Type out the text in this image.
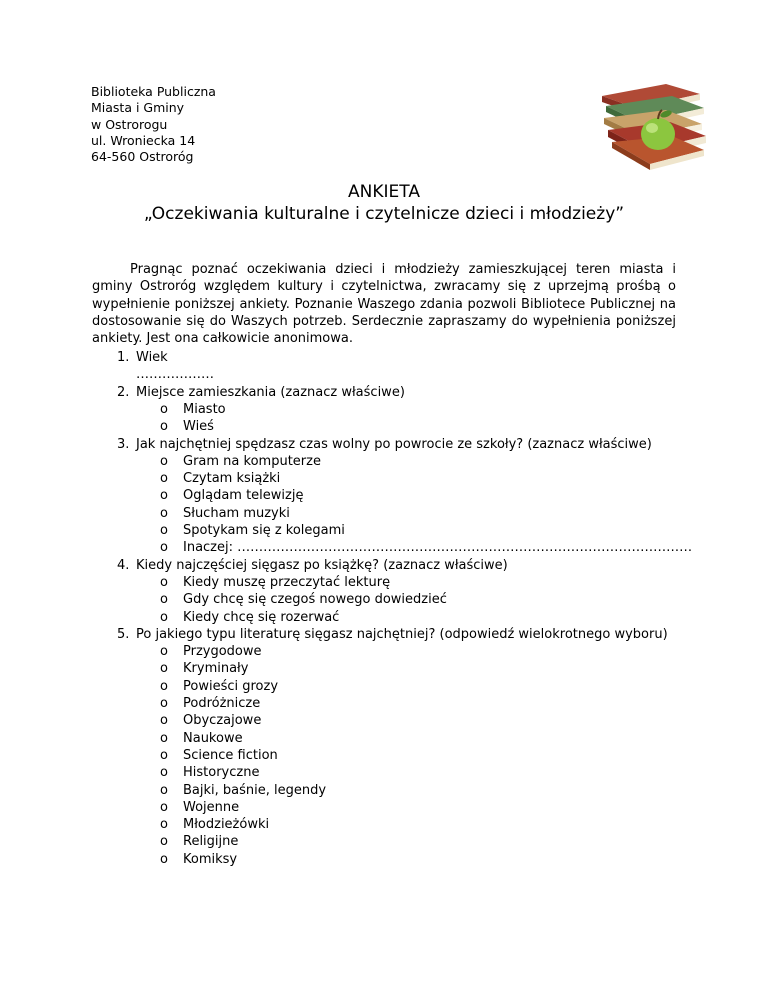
Biblioteka Publiczna
Miasta i Gminy
w Ostrorogu
ul. Wroniecka 14
64-560 Ostroróg
ANKIETA
„Oczekiwania kulturalne i czytelnicze dzieci i młodzieży”
Pragnąc poznać oczekiwania dzieci i młodzieży zamieszkującej teren miasta i gminy Ostroróg względem kultury i czytelnictwa, zwracamy się z uprzejmą prośbą o wypełnienie poniższej ankiety. Poznanie Waszego zdania pozwoli Bibliotece Publicznej na dostosowanie się do Waszych potrzeb. Serdecznie zapraszamy do wypełnienia poniższej ankiety. Jest ona całkowicie anonimowa.
1. Wiek
………………
2. Miejsce zamieszkania (zaznacz właściwe)
o Miasto
o Wieś
3. Jak najchętniej spędzasz czas wolny po powrocie ze szkoły? (zaznacz właściwe)
o Gram na komputerze
o Czytam książki
o Oglądam telewizję
o Słucham muzyki
o Spotykam się z kolegami
o Inaczej: ……………………………………………………………………………………………
4. Kiedy najczęściej sięgasz po książkę? (zaznacz właściwe)
o Kiedy muszę przeczytać lekturę
o Gdy chcę się czegoś nowego dowiedzieć
o Kiedy chcę się rozerwać
5. Po jakiego typu literaturę sięgasz najchętniej? (odpowiedź wielokrotnego wyboru)
o Przygodowe
o Kryminały
o Powieści grozy
o Podróżnicze
o Obyczajowe
o Naukowe
o Science fiction
o Historyczne
o Bajki, baśnie, legendy
o Wojenne
o Młodzieżówki
o Religijne
o Komiksy
